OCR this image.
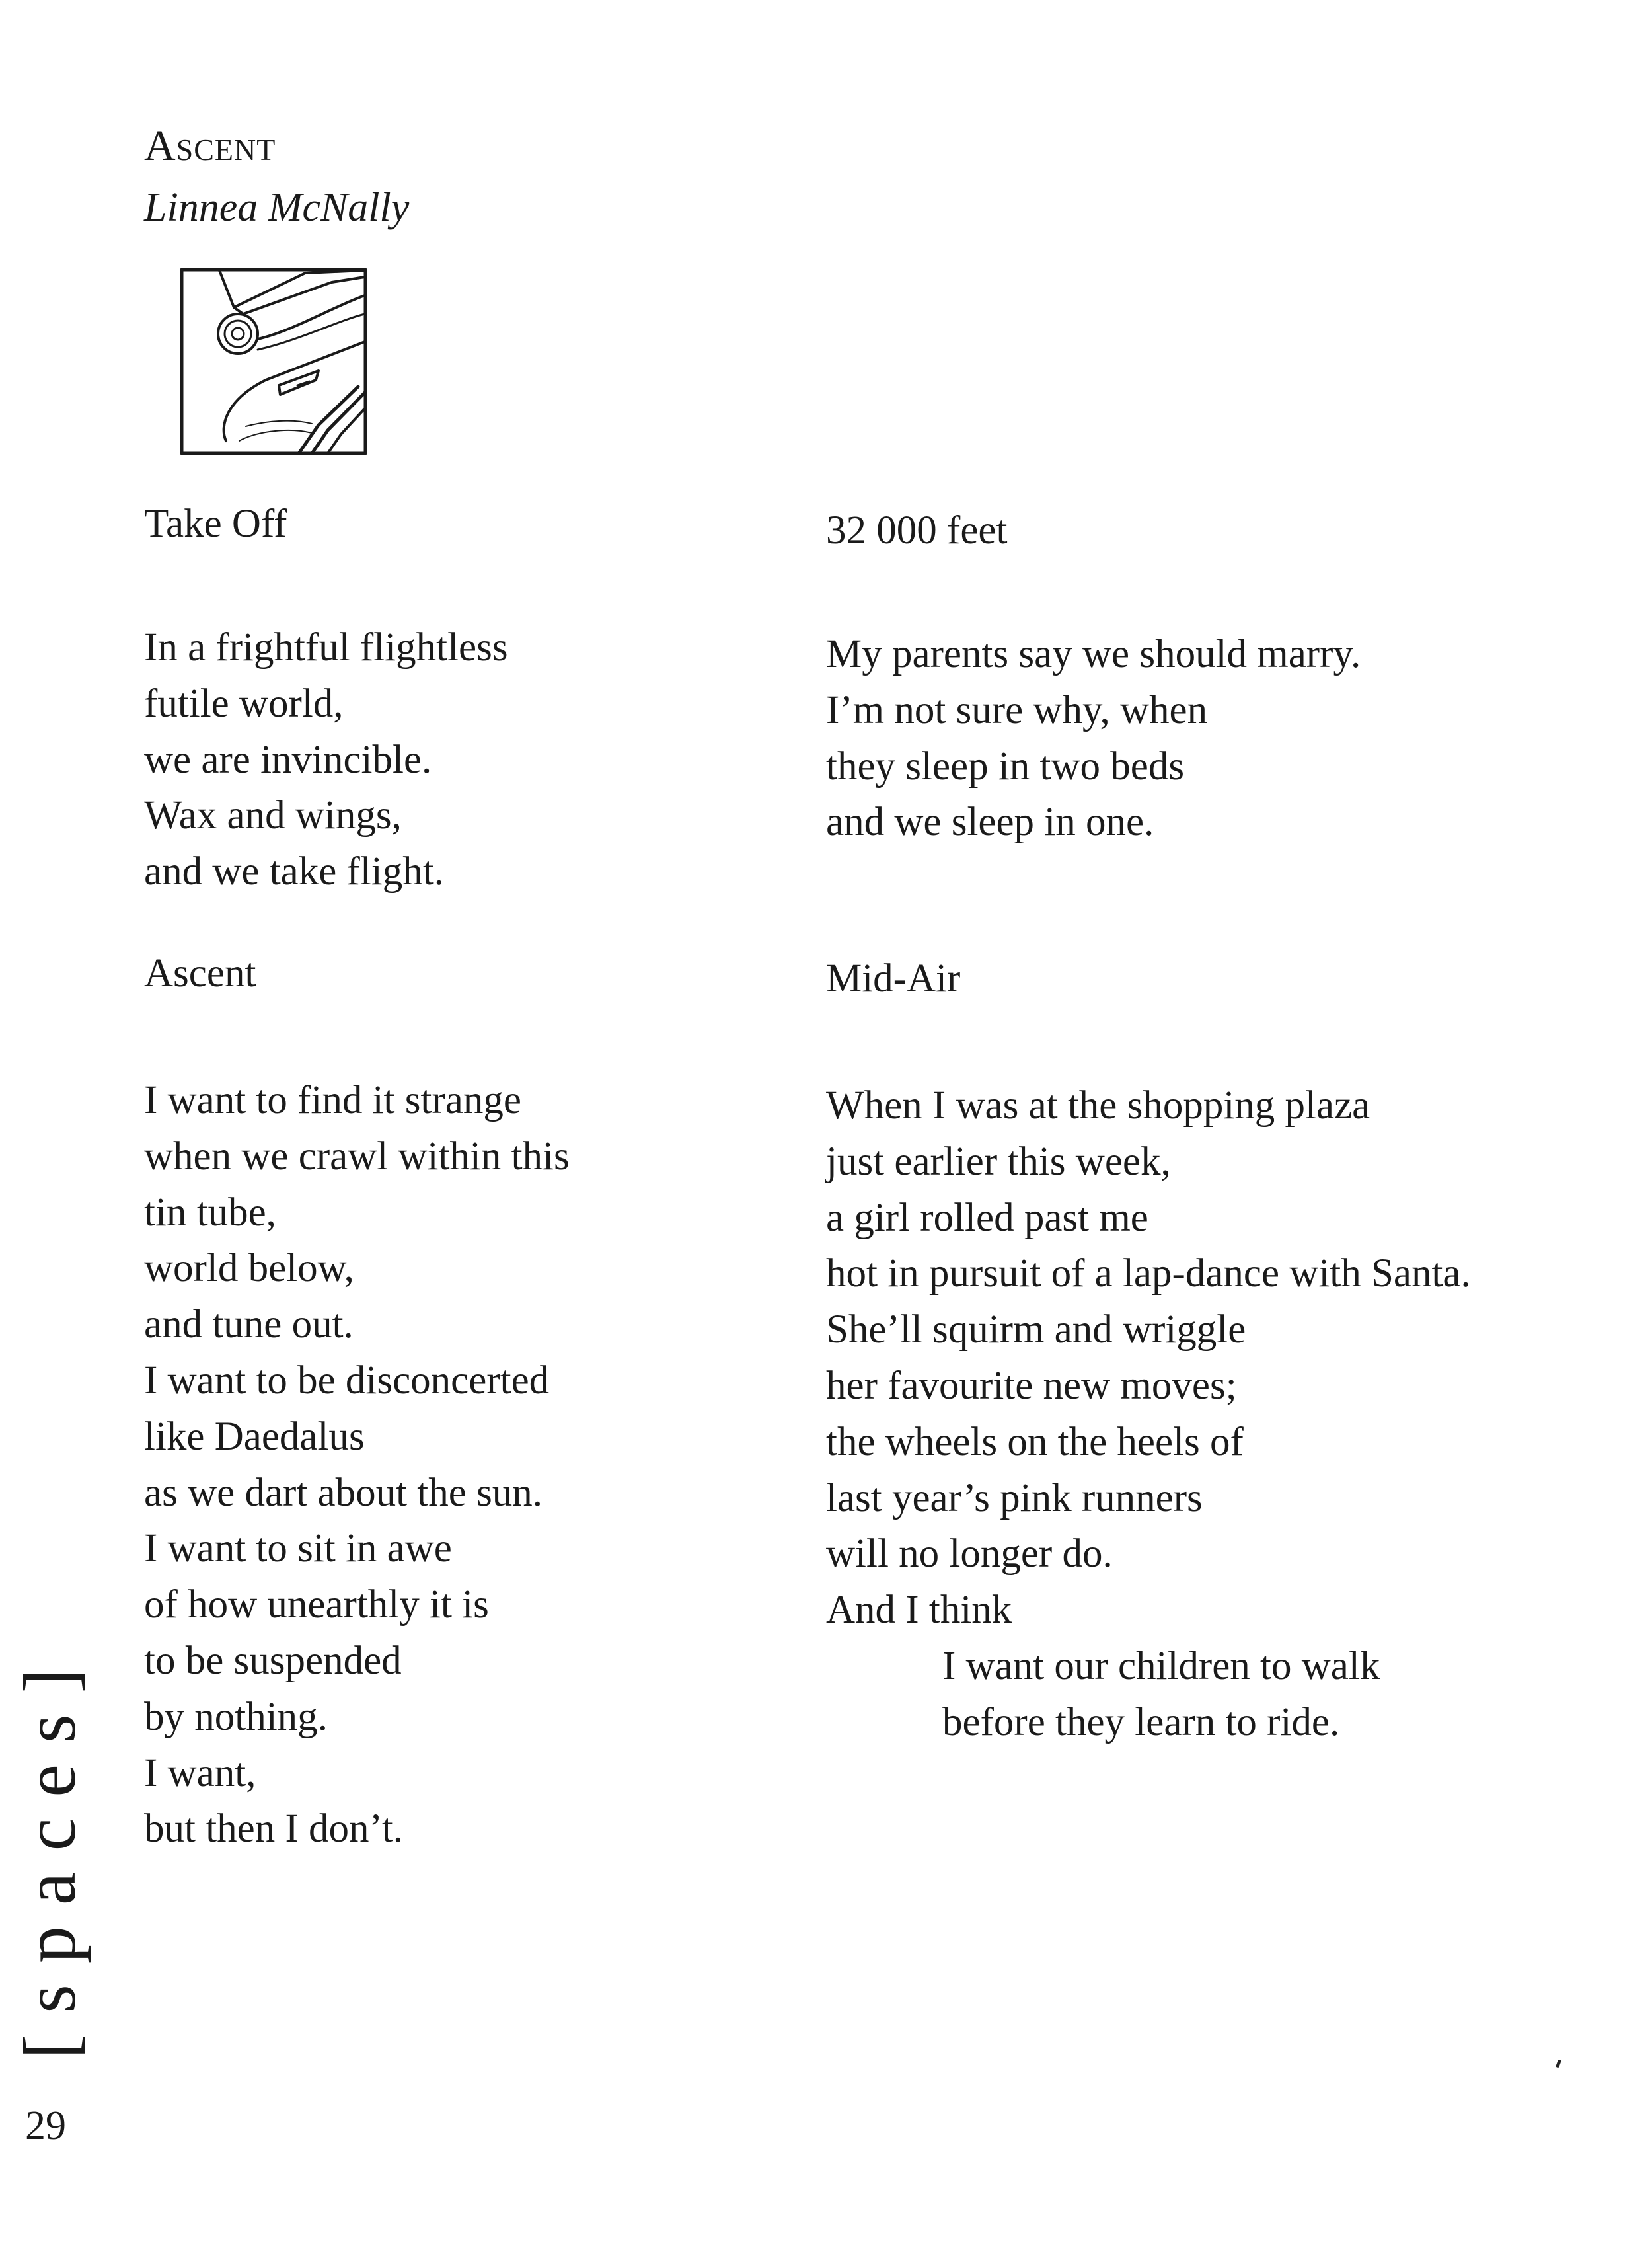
Ascent

Linnea McNally

Take Off
In a frightful flightless
futile world,
we are invincible.
Wax and wings,
and we take flight.
Ascent
I want to find it strange
when we crawl within this
tin tube,
world below,
and tune out.
I want to be disconcerted
like Daedalus
as we dart about the sun.
I want to sit in awe
of how unearthly it is
to be suspended
by nothing.
I want,
but then I don’t.
32 000 feet
My parents say we should marry.
I’m not sure why, when
they sleep in two beds
and we sleep in one.
Mid-Air
When I was at the shopping plaza
just earlier this week,
a girl rolled past me
hot in pursuit of a lap-dance with Santa.
She’ll squirm and wriggle
her favourite new moves;
the wheels on the heels of
last year’s pink runners
will no longer do.
And I think
I want our children to walk
before they learn to ride.
[spaces]
29
